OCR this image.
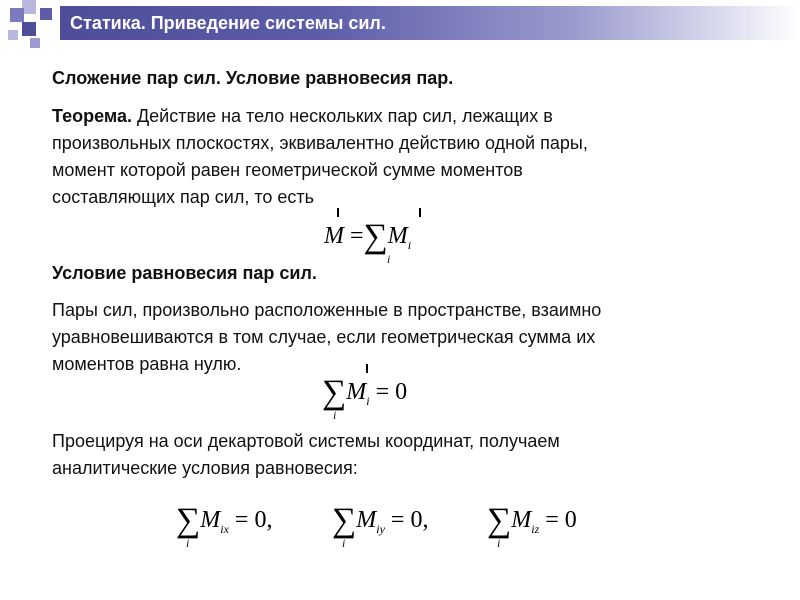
Статика. Приведение системы сил.
Сложение пар сил. Условие равновесия пар.
Теорема. Действие на тело нескольких пар сил, лежащих в
произвольных плоскостях, эквивалентно действию одной пары,
момент которой равен геометрической сумме моментов
составляющих пар сил, то есть
$M =\sum M_i$
i
Условие равновесия пар сил.
Пары сил, произвольно расположенные в пространстве, взаимно
уравновешиваются в том случае, если геометрическая сумма их
моментов равна нулю.
$\sum M_i = 0$
i
Проецируя на оси декартовой системы координат, получаем
аналитические условия равновесия:
$\sum M_{ix} = 0$,
i
$\sum M_{iy} = 0$,
i
$\sum M_{iz} = 0$
i
